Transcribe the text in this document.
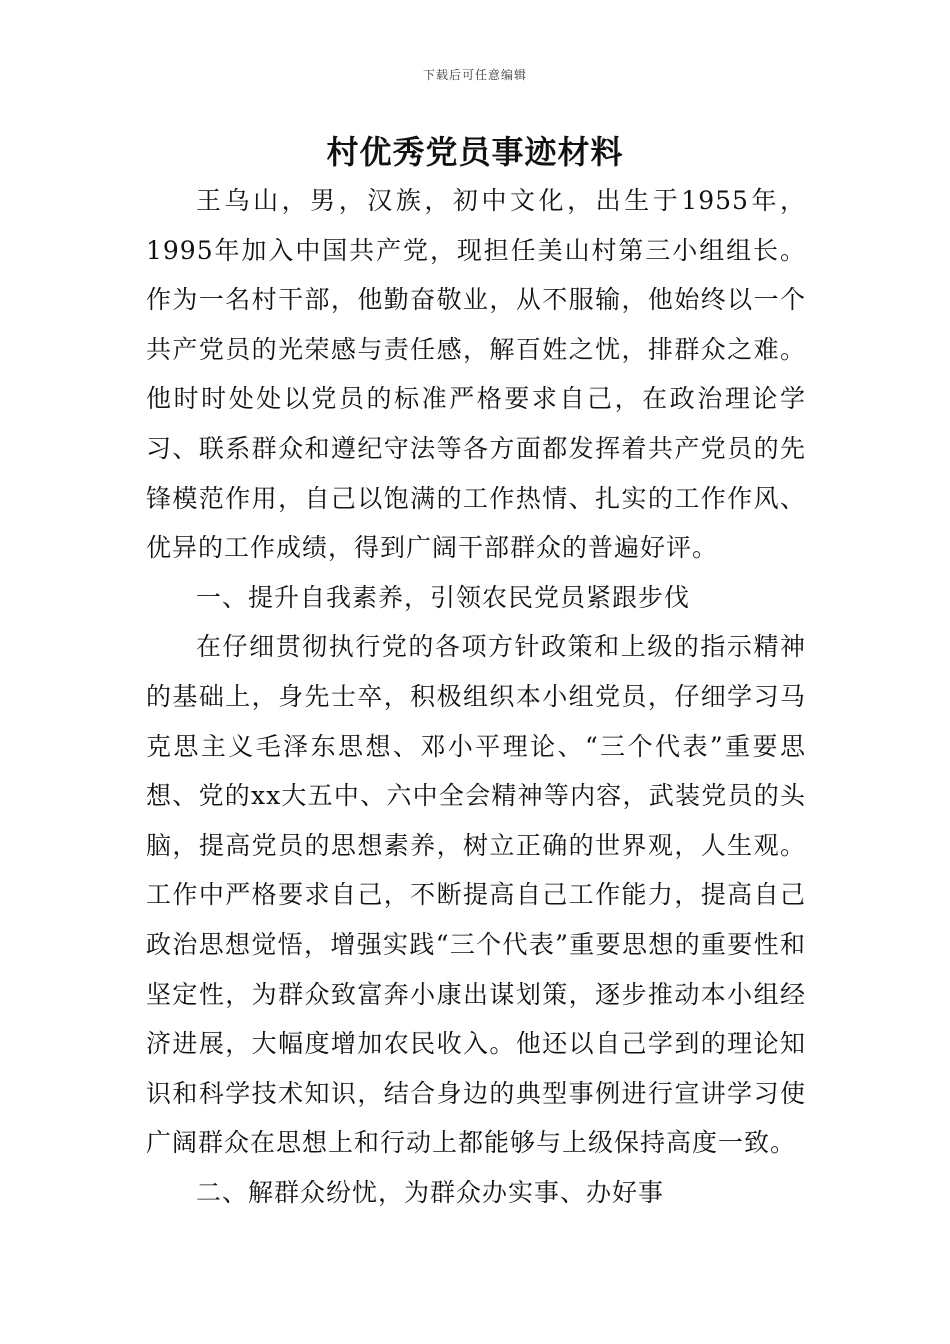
下载后可任意编辑
村优秀党员事迹材料

王乌山，男，汉族，初中文化，出生于1955年，1995年加入中国共产党，现担任美山村第三小组组长。作为一名村干部，他勤奋敬业，从不服输，他始终以一个共产党员的光荣感与责任感，解百姓之忧，排群众之难。他时时处处以党员的标准严格要求自己，在政治理论学习、联系群众和遵纪守法等各方面都发挥着共产党员的先锋模范作用，自己以饱满的工作热情、扎实的工作作风、优异的工作成绩，得到广阔干部群众的普遍好评。

一、提升自我素养，引领农民党员紧跟步伐

在仔细贯彻执行党的各项方针政策和上级的指示精神的基础上，身先士卒，积极组织本小组党员，仔细学习马克思主义毛泽东思想、邓小平理论、“三个代表”重要思想、党的xx大五中、六中全会精神等内容，武装党员的头脑，提高党员的思想素养，树立正确的世界观，人生观。工作中严格要求自己，不断提高自己工作能力，提高自己政治思想觉悟，增强实践“三个代表”重要思想的重要性和坚定性，为群众致富奔小康出谋划策，逐步推动本小组经济进展，大幅度增加农民收入。他还以自己学到的理论知识和科学技术知识，结合身边的典型事例进行宣讲学习使广阔群众在思想上和行动上都能够与上级保持高度一致。

二、解群众纷忧，为群众办实事、办好事
